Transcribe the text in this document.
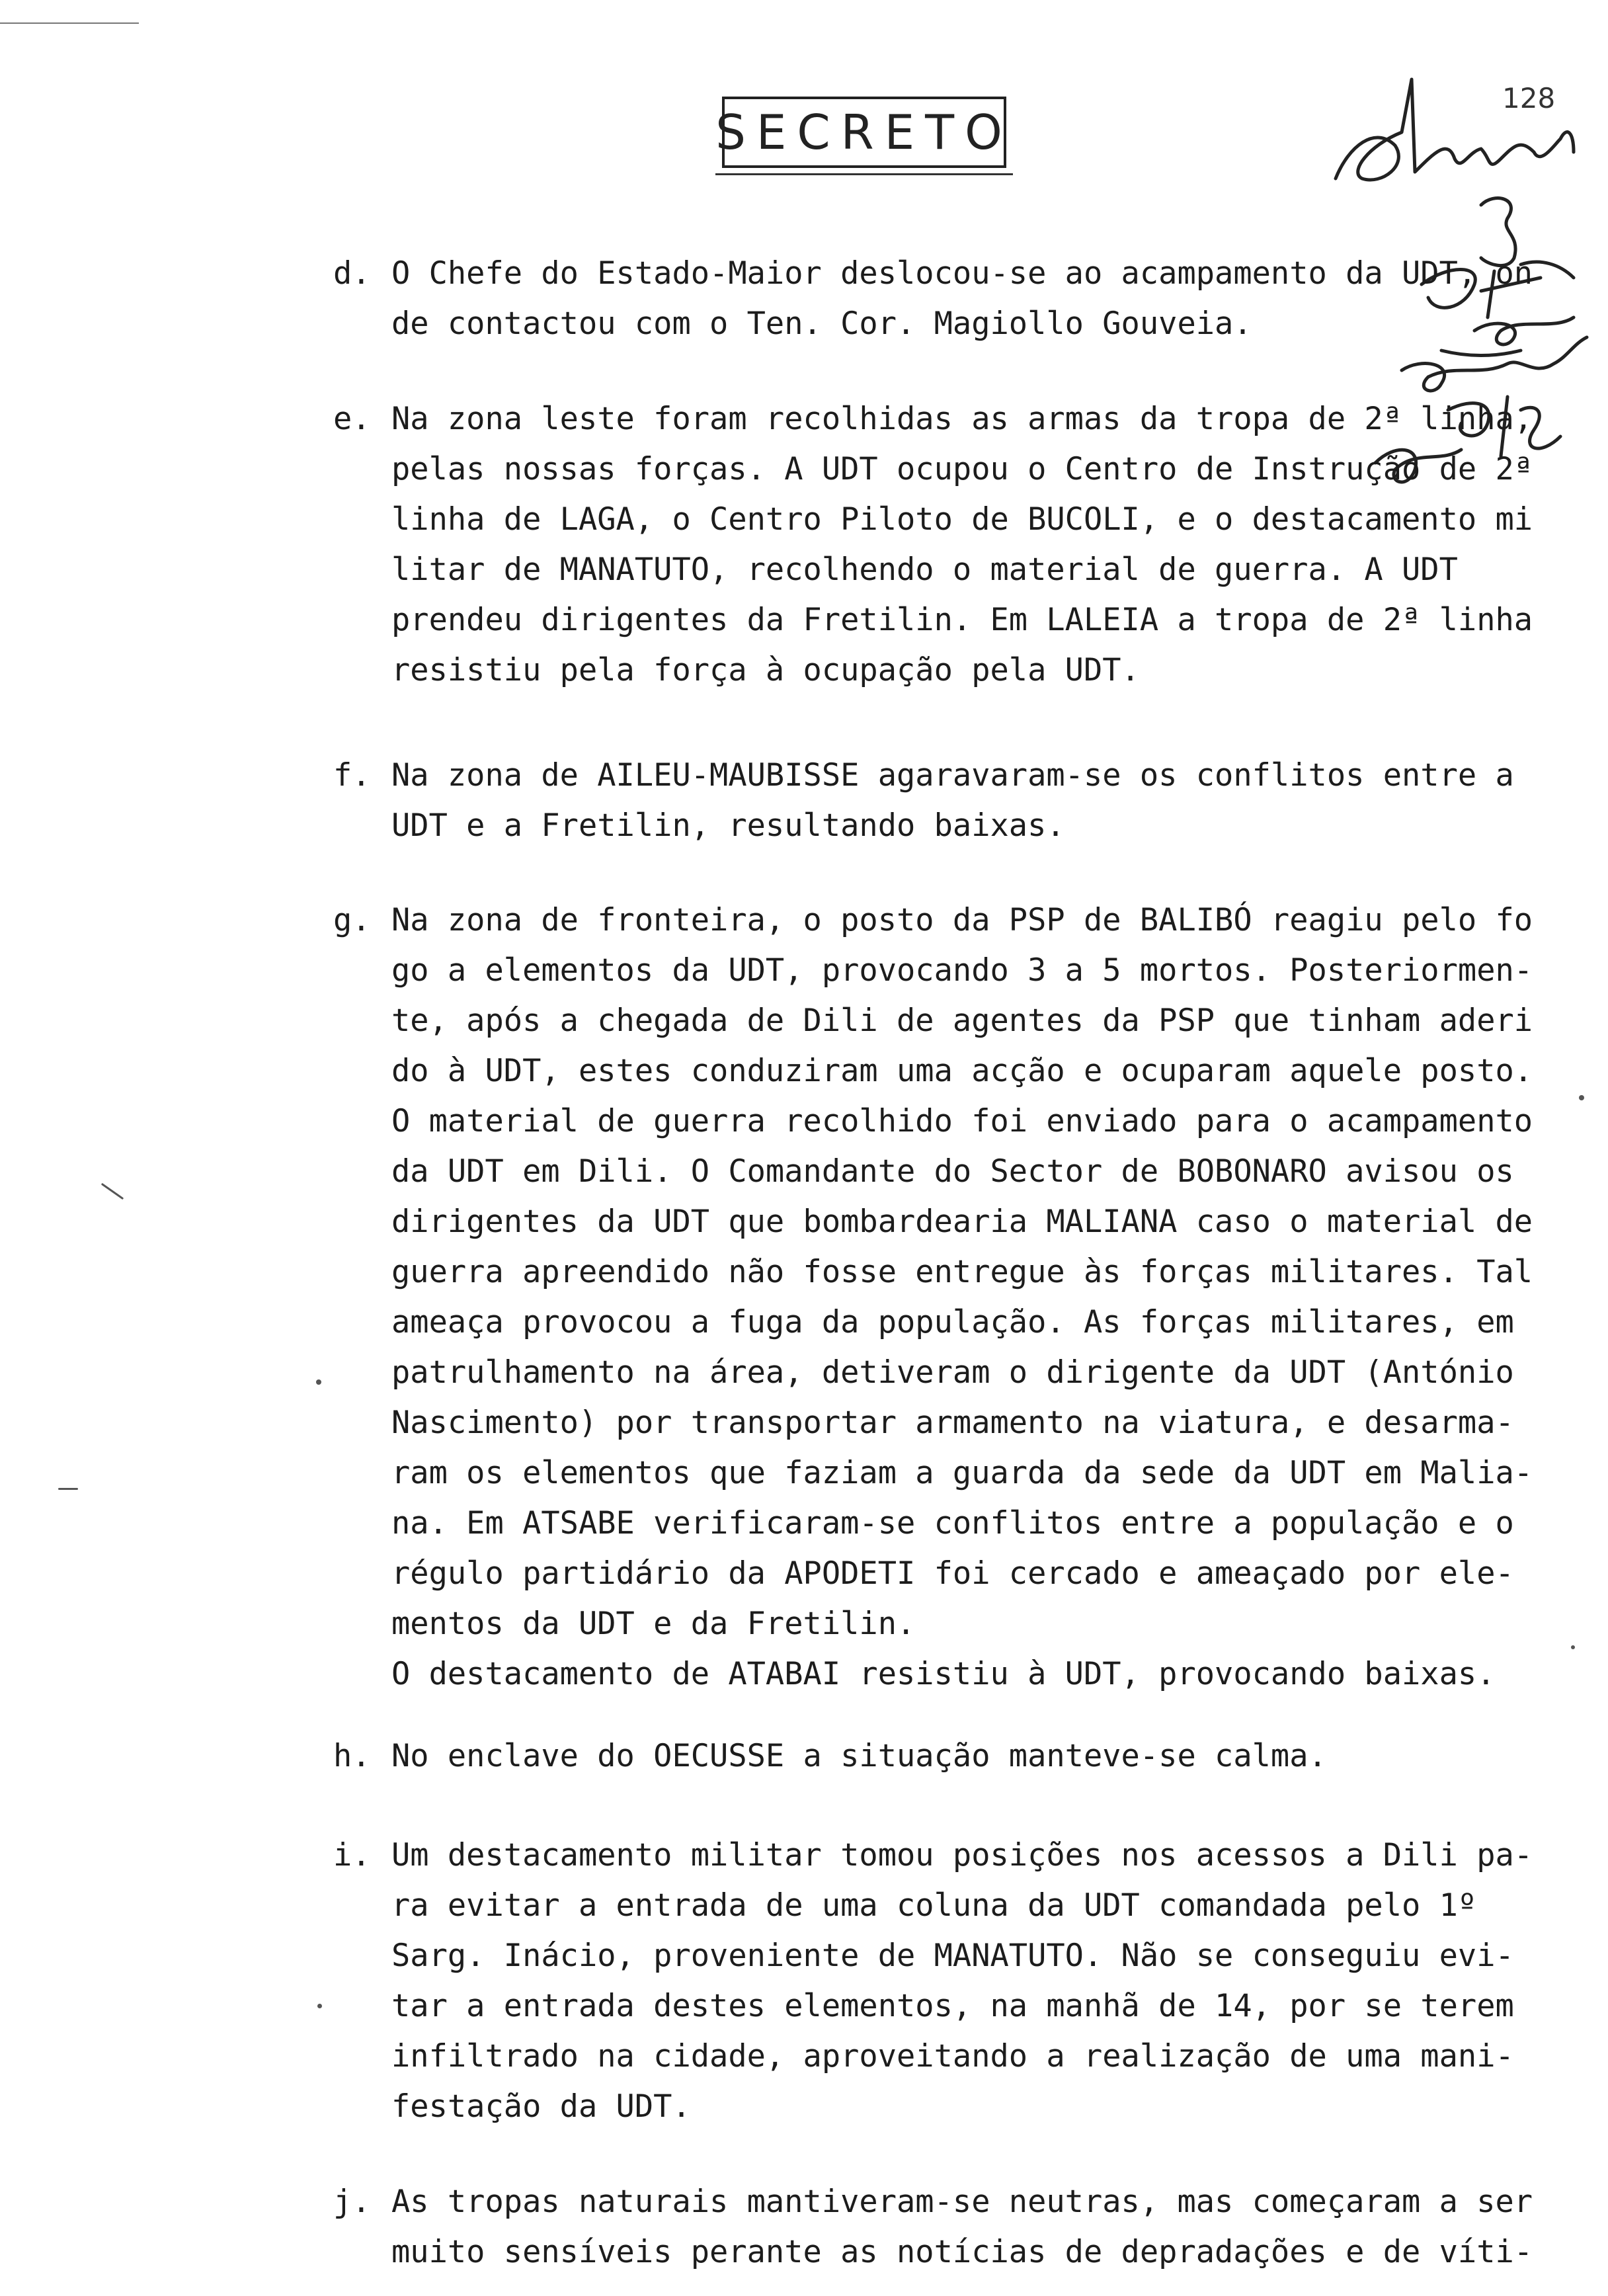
SECRETO
128
d. O Chefe do Estado-Maior deslocou-se ao acampamento da UDT, on
de contactou com o Ten. Cor. Magiollo Gouveia.
e. Na zona leste foram recolhidas as armas da tropa de 2ª linha,
pelas nossas forças. A UDT ocupou o Centro de Instrução de 2ª
linha de LAGA, o Centro Piloto de BUCOLI, e o destacamento mi
litar de MANATUTO, recolhendo o material de guerra. A UDT
prendeu dirigentes da Fretilin. Em LALEIA a tropa de 2ª linha
resistiu pela força à ocupação pela UDT.
f. Na zona de AILEU-MAUBISSE agaravaram-se os conflitos entre a
UDT e a Fretilin, resultando baixas.
g. Na zona de fronteira, o posto da PSP de BALIBÓ reagiu pelo fo
go a elementos da UDT, provocando 3 a 5 mortos. Posteriormen-
te, após a chegada de Dili de agentes da PSP que tinham aderi
do à UDT, estes conduziram uma acção e ocuparam aquele posto.
O material de guerra recolhido foi enviado para o acampamento
da UDT em Dili. O Comandante do Sector de BOBONARO avisou os
dirigentes da UDT que bombardearia MALIANA caso o material de
guerra apreendido não fosse entregue às forças militares. Tal
ameaça provocou a fuga da população. As forças militares, em
patrulhamento na área, detiveram o dirigente da UDT (António
Nascimento) por transportar armamento na viatura, e desarma-
ram os elementos que faziam a guarda da sede da UDT em Malia-
na. Em ATSABE verificaram-se conflitos entre a população e o
régulo partidário da APODETI foi cercado e ameaçado por ele-
mentos da UDT e da Fretilin.
O destacamento de ATABAI resistiu à UDT, provocando baixas.
h. No enclave do OECUSSE a situação manteve-se calma.
i. Um destacamento militar tomou posições nos acessos a Dili pa-
ra evitar a entrada de uma coluna da UDT comandada pelo 1º
Sarg. Inácio, proveniente de MANATUTO. Não se conseguiu evi-
tar a entrada destes elementos, na manhã de 14, por se terem
infiltrado na cidade, aproveitando a realização de uma mani-
festação da UDT.
j. As tropas naturais mantiveram-se neutras, mas começaram a ser
muito sensíveis perante as notícias de depradações e de víti-
